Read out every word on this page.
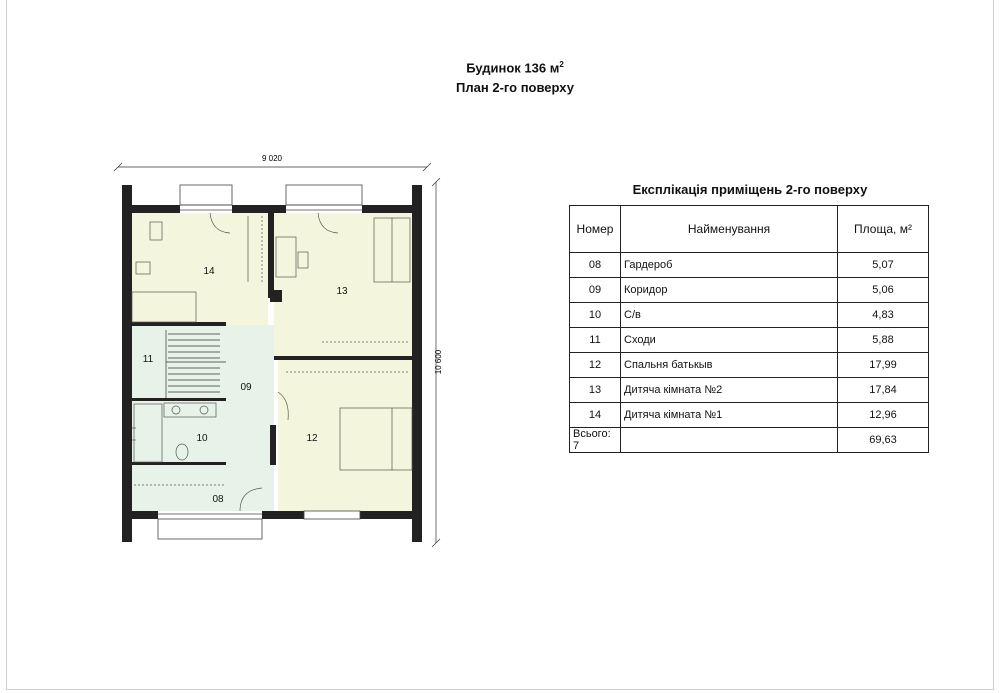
Будинок 136 $м^2$
План 2-го поверху
9 020
10 600
14
13
11
09
10	12
08
Експлікація приміщень 2-го поверху
Номер	Найменування	Площа, м²
08	Гардероб	5,07
09	Коридор	5,06
10	С/в	4,83
11	Сходи	5,88
12	Спальня батькыв	17,99
13	Дитяча кімната №2	17,84
14	Дитяча кімната №1	12,96
Всього: 7		69,63
